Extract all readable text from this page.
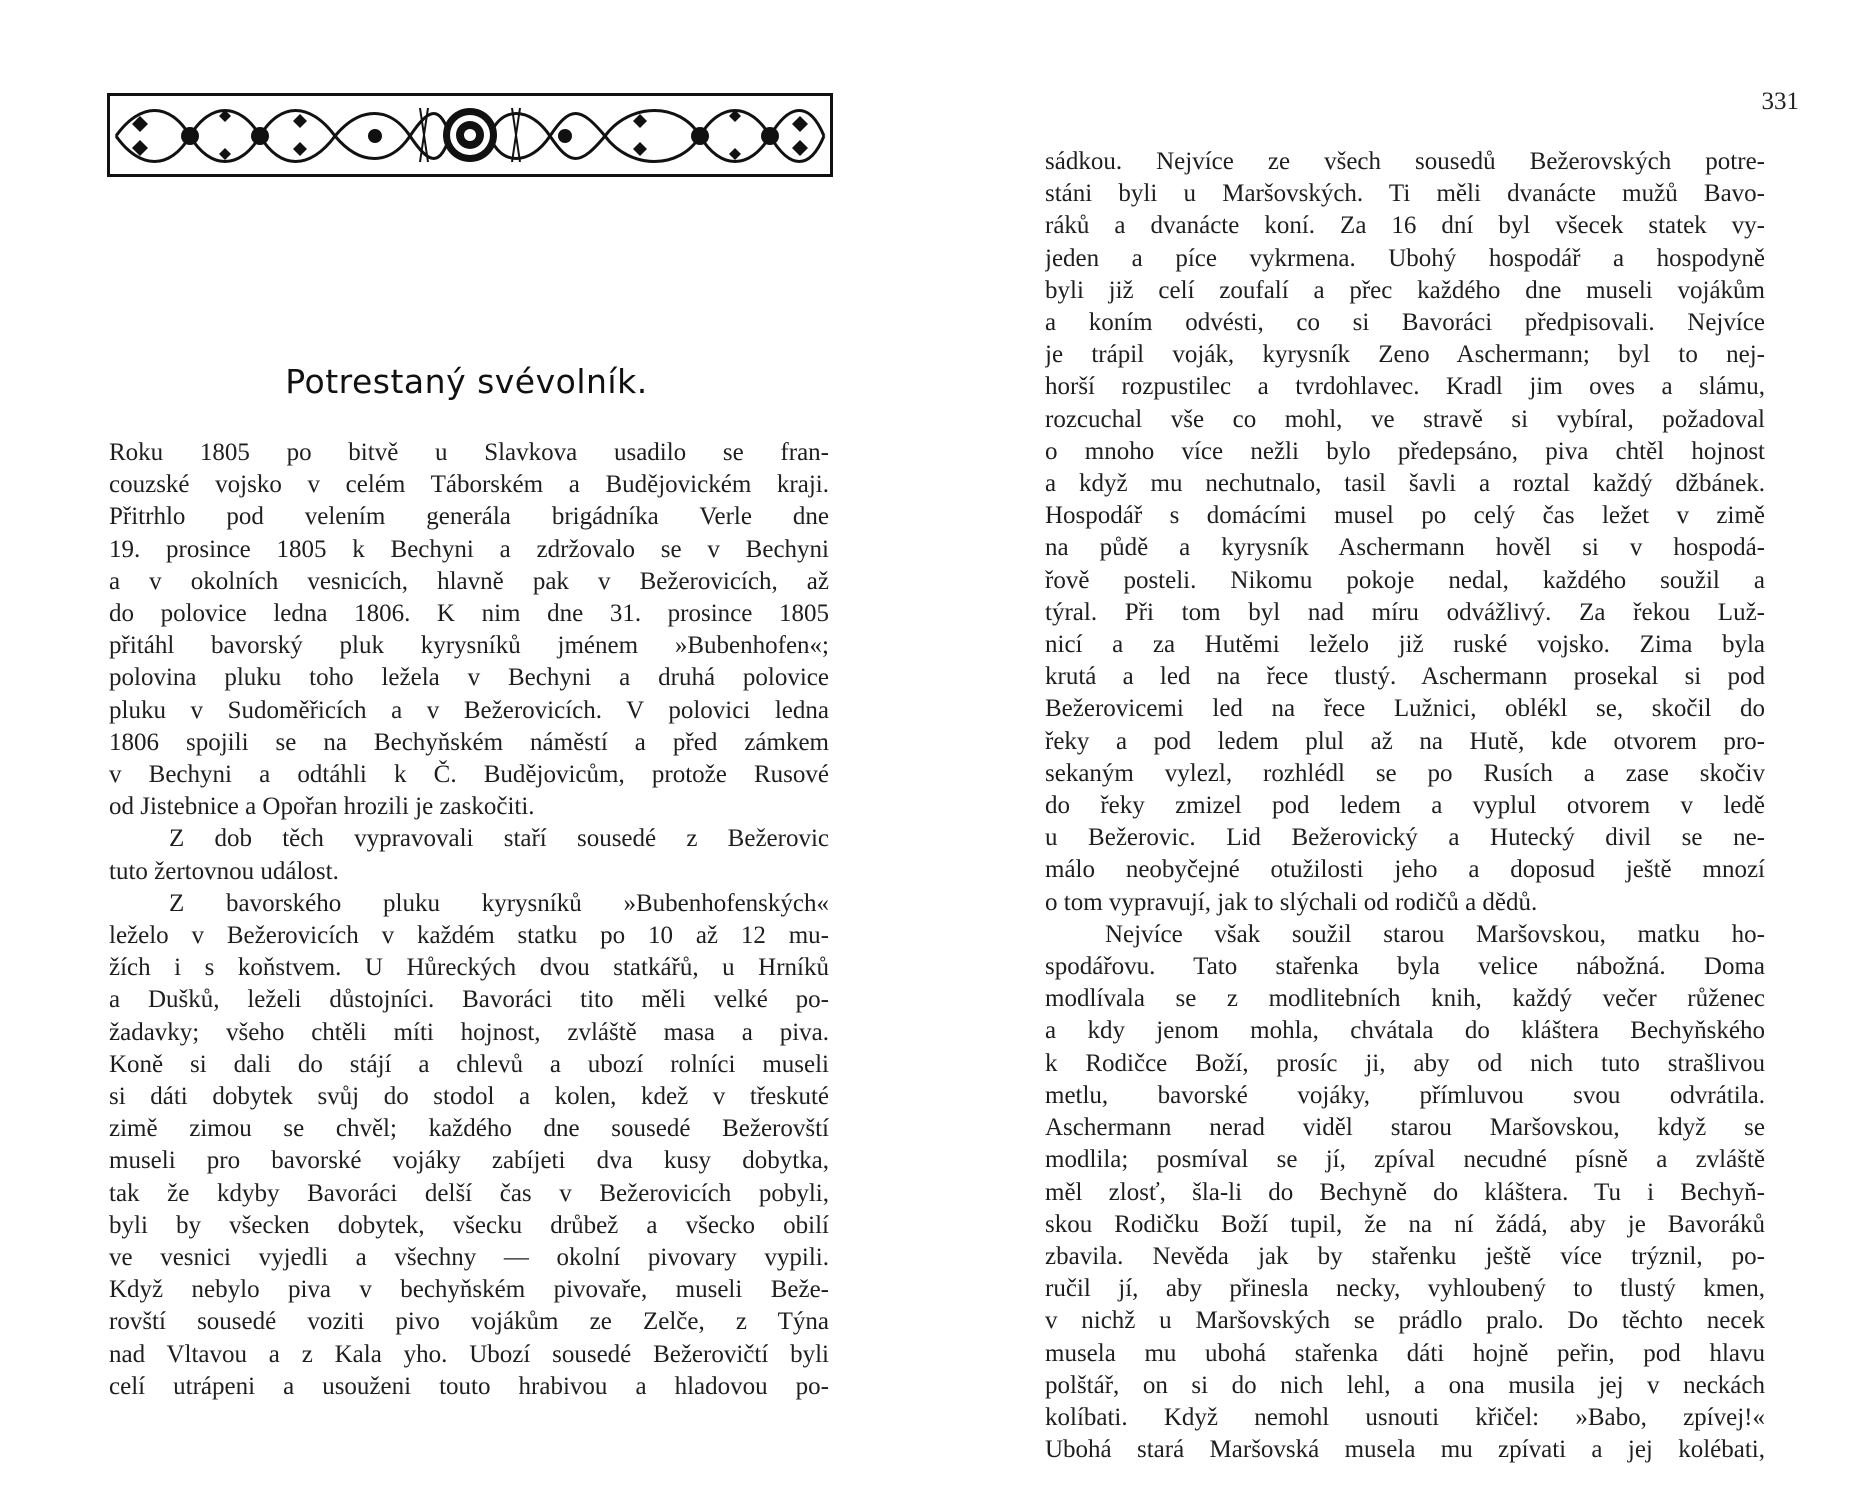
Potrestaný svévolník.
Roku 1805 po bitvě u Slavkova usadilo se fran-
couzské vojsko v celém Táborském a Budějovickém kraji.
Přitrhlo pod velením generála brigádníka Verle dne
19. prosince 1805 k Bechyni a zdržovalo se v Bechyni
a v okolních vesnicích, hlavně pak v Bežerovicích, až
do polovice ledna 1806. K nim dne 31. prosince 1805
přitáhl bavorský pluk kyrysníků jménem »Bubenhofen«;
polovina pluku toho ležela v Bechyni a druhá polovice
pluku v Sudoměřicích a v Bežerovicích. V polovici ledna
1806 spojili se na Bechyňském náměstí a před zámkem
v Bechyni a odtáhli k Č. Budějovicům, protože Rusové
od Jistebnice a Opořan hrozili je zaskočiti.
Z dob těch vypravovali staří sousedé z Bežerovic
tuto žertovnou událost.
Z bavorského pluku kyrysníků »Bubenhofenských«
leželo v Bežerovicích v každém statku po 10 až 12 mu-
žích i s koňstvem. U Hůreckých dvou statkářů, u Hrníků
a Dušků, leželi důstojníci. Bavoráci tito měli velké po-
žadavky; všeho chtěli míti hojnost, zvláště masa a piva.
Koně si dali do stájí a chlevů a ubozí rolníci museli
si dáti dobytek svůj do stodol a kolen, kdež v třeskuté
zimě zimou se chvěl; každého dne sousedé Bežerovští
museli pro bavorské vojáky zabíjeti dva kusy dobytka,
tak že kdyby Bavoráci delší čas v Bežerovicích pobyli,
byli by všecken dobytek, všecku drůbež a všecko obilí
ve vesnici vyjedli a všechny — okolní pivovary vypili.
Když nebylo piva v bechyňském pivovaře, museli Beže-
rovští sousedé voziti pivo vojákům ze Zelče, z Týna
nad Vltavou a z Kala yho. Ubozí sousedé Bežerovičtí byli
celí utrápeni a usouženi touto hrabivou a hladovou po-
331
sádkou. Nejvíce ze všech sousedů Bežerovských potre-
stáni byli u Maršovských. Ti měli dvanácte mužů Bavo-
ráků a dvanácte koní. Za 16 dní byl všecek statek vy-
jeden a píce vykrmena. Ubohý hospodář a hospodyně
byli již celí zoufalí a přec každého dne museli vojákům
a koním odvésti, co si Bavoráci předpisovali. Nejvíce
je trápil voják, kyrysník Zeno Aschermann; byl to nej-
horší rozpustilec a tvrdohlavec. Kradl jim oves a slámu,
rozcuchal vše co mohl, ve stravě si vybíral, požadoval
o mnoho více nežli bylo předepsáno, piva chtěl hojnost
a když mu nechutnalo, tasil šavli a roztal každý džbánek.
Hospodář s domácími musel po celý čas ležet v zimě
na půdě a kyrysník Aschermann hověl si v hospodá-
řově posteli. Nikomu pokoje nedal, každého soužil a
týral. Při tom byl nad míru odvážlivý. Za řekou Luž-
nicí a za Hutěmi leželo již ruské vojsko. Zima byla
krutá a led na řece tlustý. Aschermann prosekal si pod
Bežerovicemi led na řece Lužnici, oblékl se, skočil do
řeky a pod ledem plul až na Hutě, kde otvorem pro-
sekaným vylezl, rozhlédl se po Rusích a zase skočiv
do řeky zmizel pod ledem a vyplul otvorem v ledě
u Bežerovic. Lid Bežerovický a Hutecký divil se ne-
málo neobyčejné otužilosti jeho a doposud ještě mnozí
o tom vypravují, jak to slýchali od rodičů a dědů.
Nejvíce však soužil starou Maršovskou, matku ho-
spodářovu. Tato stařenka byla velice nábožná. Doma
modlívala se z modlitebních knih, každý večer růženec
a kdy jenom mohla, chvátala do kláštera Bechyňského
k Rodičce Boží, prosíc ji, aby od nich tuto strašlivou
metlu, bavorské vojáky, přímluvou svou odvrátila.
Aschermann nerad viděl starou Maršovskou, když se
modlila; posmíval se jí, zpíval necudné písně a zvláště
měl zlosť, šla-li do Bechyně do kláštera. Tu i Bechyň-
skou Rodičku Boží tupil, že na ní žádá, aby je Bavoráků
zbavila. Nevěda jak by stařenku ještě více trýznil, po-
ručil jí, aby přinesla necky, vyhloubený to tlustý kmen,
v nichž u Maršovských se prádlo pralo. Do těchto necek
musela mu ubohá stařenka dáti hojně peřin, pod hlavu
polštář, on si do nich lehl, a ona musila jej v neckách
kolíbati. Když nemohl usnouti křičel: »Babo, zpívej!«
Ubohá stará Maršovská musela mu zpívati a jej kolébati,
